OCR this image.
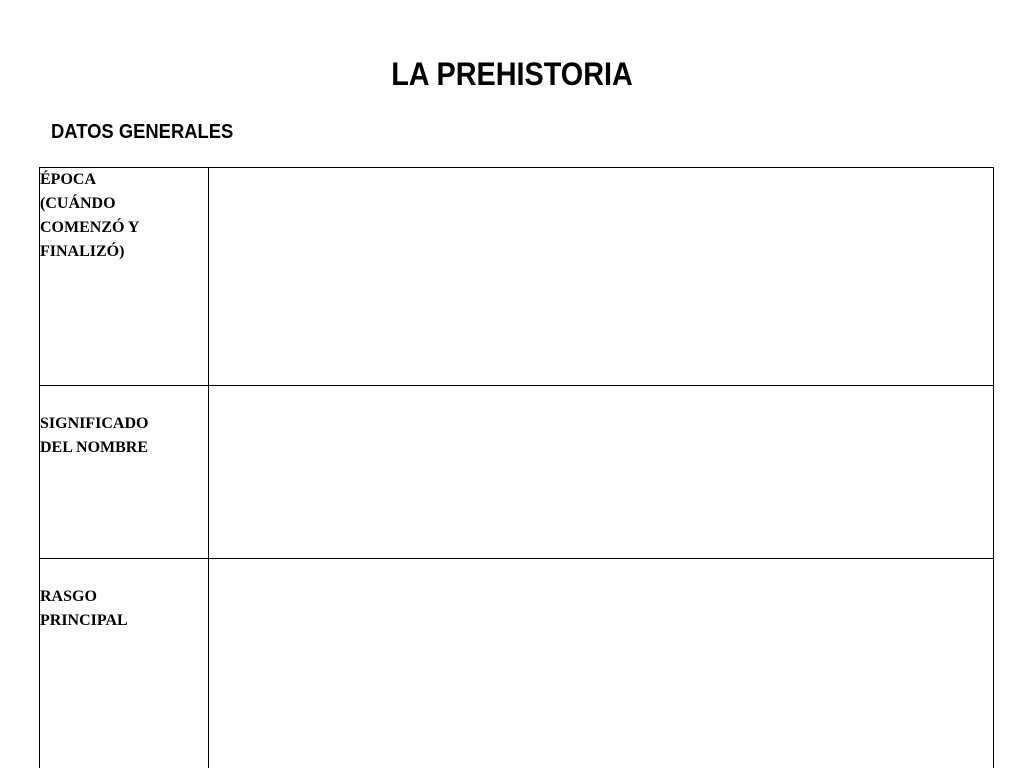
LA PREHISTORIA
DATOS GENERALES
ÉPOCA
(CUÁNDO
COMENZÓ Y
FINALIZÓ)	

SIGNIFICADO
DEL NOMBRE	

RASGO
PRINCIPAL	
